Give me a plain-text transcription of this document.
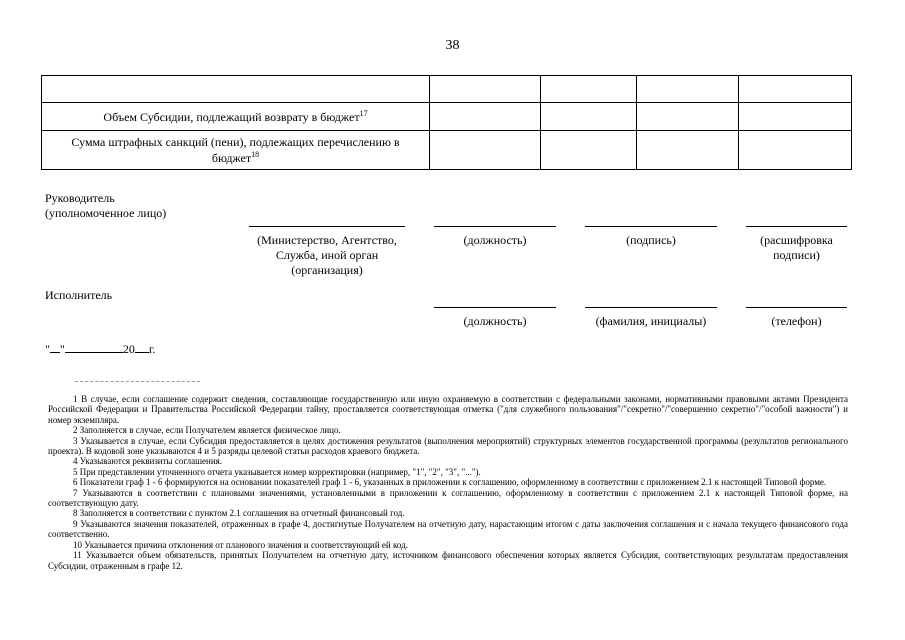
38

Объем Субсидии, подлежащий возврату в бюджет$^{17}$				
Сумма штрафных санкций (пени), подлежащих перечислению в бюджет$^{18}$				
Руководитель
(уполномоченное лицо)
(Министерство, Агентство, Служба, иной орган (организация)
(должность)	(подпись)	(расшифровка подписи)
Исполнитель
(должность)	(фамилия, инициалы)	(телефон)
" "	20 г.
1 В случае, если соглашение содержит сведения, составляющие государственную или иную охраняемую в соответствии с федеральными законами, нормативными правовыми актами Президента Российской Федерации и Правительства Российской Федерации тайну, проставляется соответствующая отметка ("для служебного пользования"/"секретно"/"совершенно секретно"/"особой важности") и номер экземпляра.
2 Заполняется в случае, если Получателем является физическое лицо.
3 Указывается в случае, если Субсидия предоставляется в целях достижения результатов (выполнения мероприятий) структурных элементов государственной программы (результатов регионального проекта). В кодовой зоне указываются 4 и 5 разряды целевой статьи расходов краевого бюджета.
4 Указываются реквизиты соглашения.
5 При представлении уточненного отчета указывается номер корректировки (например, "1", "2", "3", "...").
6 Показатели граф 1 - 6 формируются на основании показателей граф 1 - 6, указанных в приложении к соглашению, оформленному в соответствии с приложением 2.1 к настоящей Типовой форме.
7 Указываются в соответствии с плановыми значениями, установленными в приложении к соглашению, оформленному в соответствии с приложением 2.1 к настоящей Типовой форме, на соответствующую дату.
8 Заполняется в соответствии с пунктом 2.1 соглашения на отчетный финансовый год.
9 Указываются значения показателей, отраженных в графе 4, достигнутые Получателем на отчетную дату, нарастающим итогом с даты заключения соглашения и с начала текущего финансового года соответственно.
10 Указывается причина отклонения от планового значения и соответствующий ей код.
11 Указывается объем обязательств, принятых Получателем на отчетную дату, источником финансового обеспечения которых является Субсидия, соответствующих результатам предоставления Субсидии, отраженным в графе 12.
